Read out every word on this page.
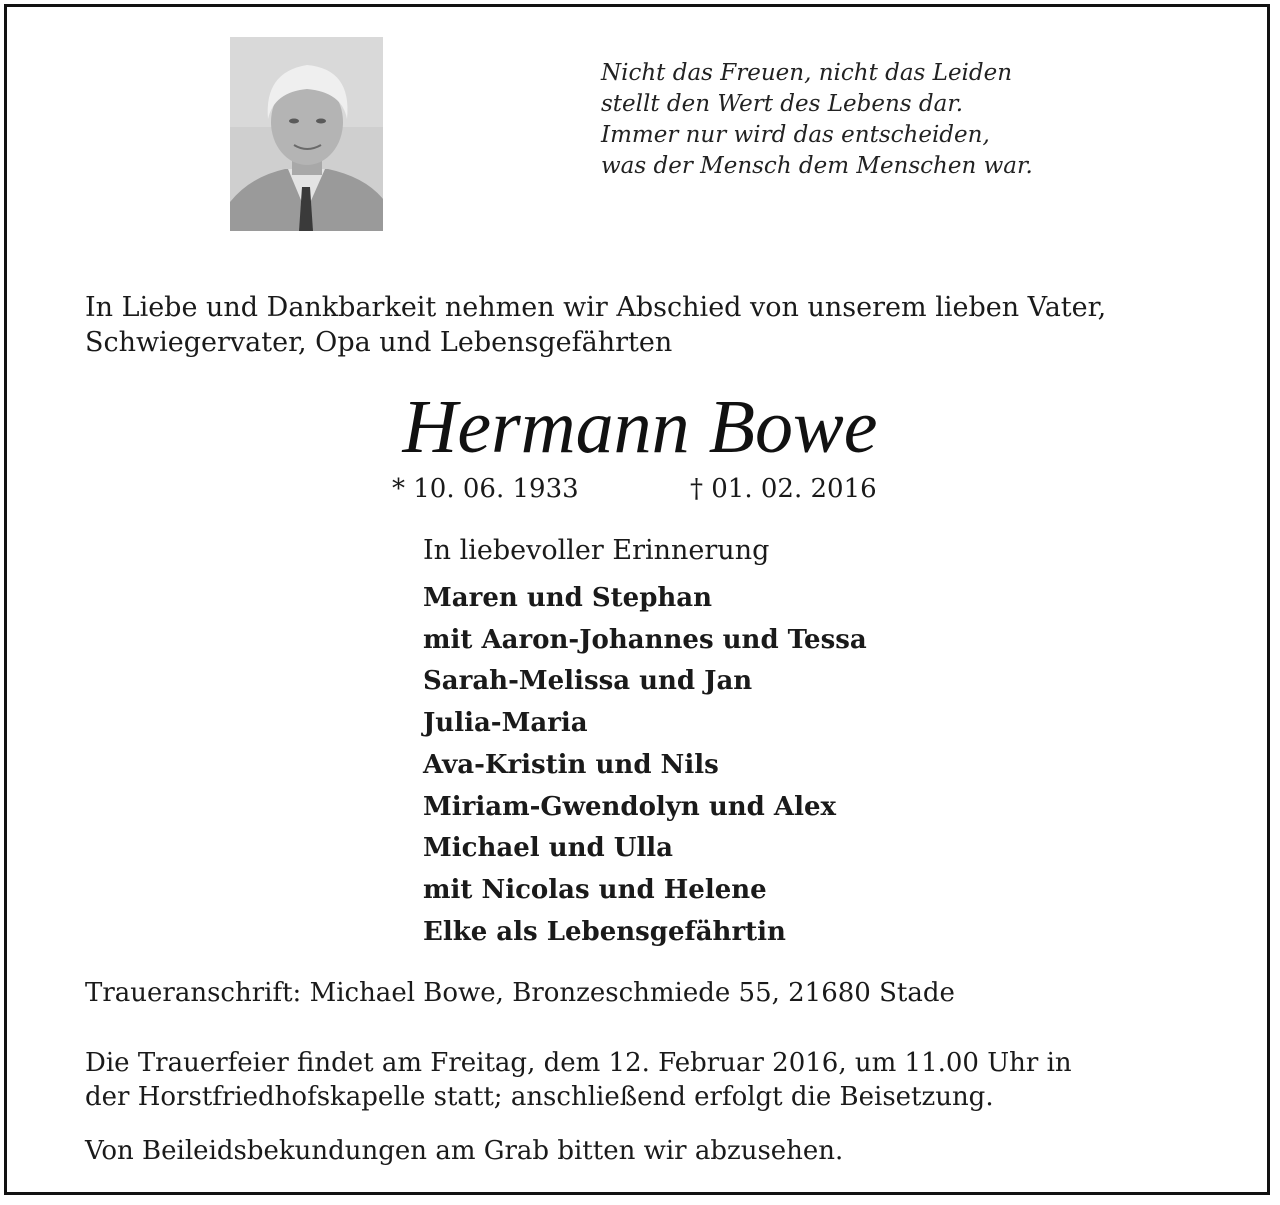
Nicht das Freuen, nicht das Leiden
stellt den Wert des Lebens dar.
Immer nur wird das entscheiden,
was der Mensch dem Menschen war.
In Liebe und Dankbarkeit nehmen wir Abschied von unserem lieben Vater,
Schwiegervater, Opa und Lebensgefährten
Hermann Bowe
* 10. 06. 1933	† 01. 02. 2016
In liebevoller Erinnerung
Maren und Stephan
mit Aaron-Johannes und Tessa
Sarah-Melissa und Jan
Julia-Maria
Ava-Kristin und Nils
Miriam-Gwendolyn und Alex
Michael und Ulla
mit Nicolas und Helene
Elke als Lebensgefährtin
Traueranschrift: Michael Bowe, Bronzeschmiede 55, 21680 Stade
Die Trauerfeier findet am Freitag, dem 12. Februar 2016, um 11.00 Uhr in
der Horstfriedhofskapelle statt; anschließend erfolgt die Beisetzung.
Von Beileidsbekundungen am Grab bitten wir abzusehen.
